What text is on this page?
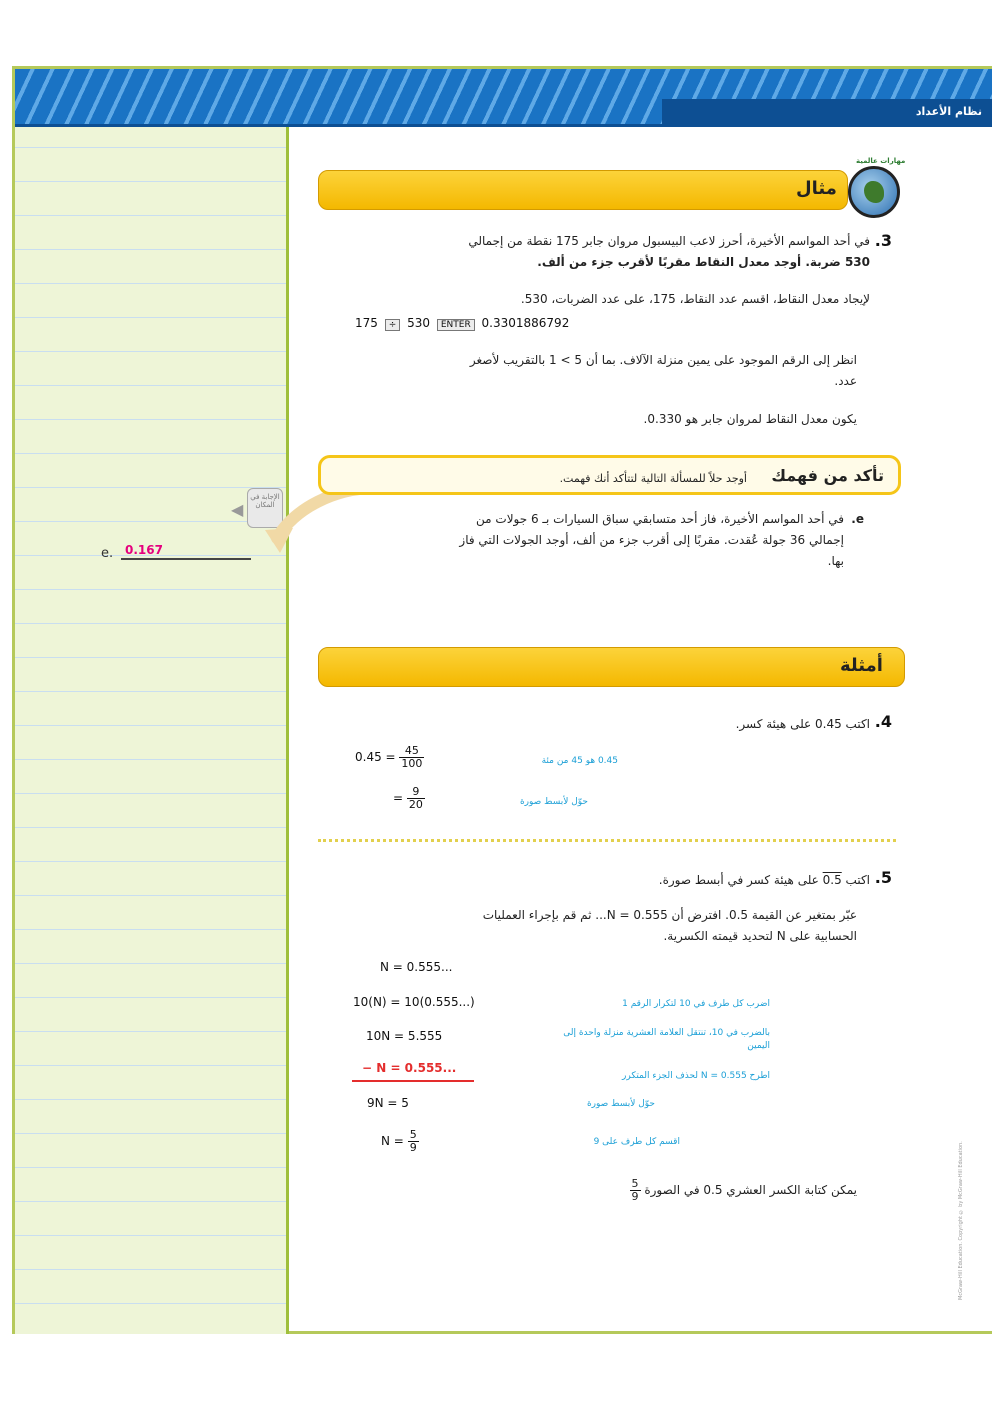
نظام الأعداد
◀
الإجابة في المكان
e. 0.167
مثال
مهارات عالمية
3.
في أحد المواسم الأخيرة، أحرز لاعب البيسبول مروان جابر 175 نقطة من إجمالي
530 ضربة. أوجد معدل النقاط مقربًا لأقرب جزء من ألف.
لإيجاد معدل النقاط، اقسم عدد النقاط، 175، على عدد الضربات، 530.
175 ÷ 530 ENTER 0.3301886792
انظر إلى الرقم الموجود على يمين منزلة الآلاف. بما أن 5 > 1 بالتقريب لأصغر
عدد.
يكون معدل النقاط لمروان جابر هو 0.330.
تأكد من فهمك
أوجد حلاً للمسألة التالية لتتأكد أنك فهمت.
e.
في أحد المواسم الأخيرة، فاز أحد متسابقي سباق السيارات بـ 6 جولات من
إجمالي 36 جولة عُقدت. مقربًا إلى أقرب جزء من ألف، أوجد الجولات التي فاز
بها.
أمثلة
4.
اكتب 0.45 على هيئة كسر.
$0.45 = \frac{45}{100}$
= $\frac{9}{20}$
0.45 هو 45 من مئة
حوّل لأبسط صورة
5.
اكتب 0.5 على هيئة كسر في أبسط صورة.
عبّر بمتغير عن القيمة 0.5. افترض أن N = 0.555... ثم قم بإجراء العمليات
الحسابية على N لتحديد قيمته الكسرية.
N = 0.555...
10(N) = 10(0.555...)
10N = 5.555
− N = 0.555...
9N = 5
$N = \frac{5}{9}$
اضرب كل طرف في 10 لتكرار الرقم 1
بالضرب في 10، تنتقل العلامة العشرية منزلة واحدة إلى اليمين
اطرح N = 0.555 لحذف الجزء المتكرر
حوّل لأبسط صورة
اقسم كل طرف على 9
يمكن كتابة الكسر العشري 0.5 في الصورة
$\frac{5}{9}$	McGraw-Hill Education. Copyright © by McGraw-Hill Education.
